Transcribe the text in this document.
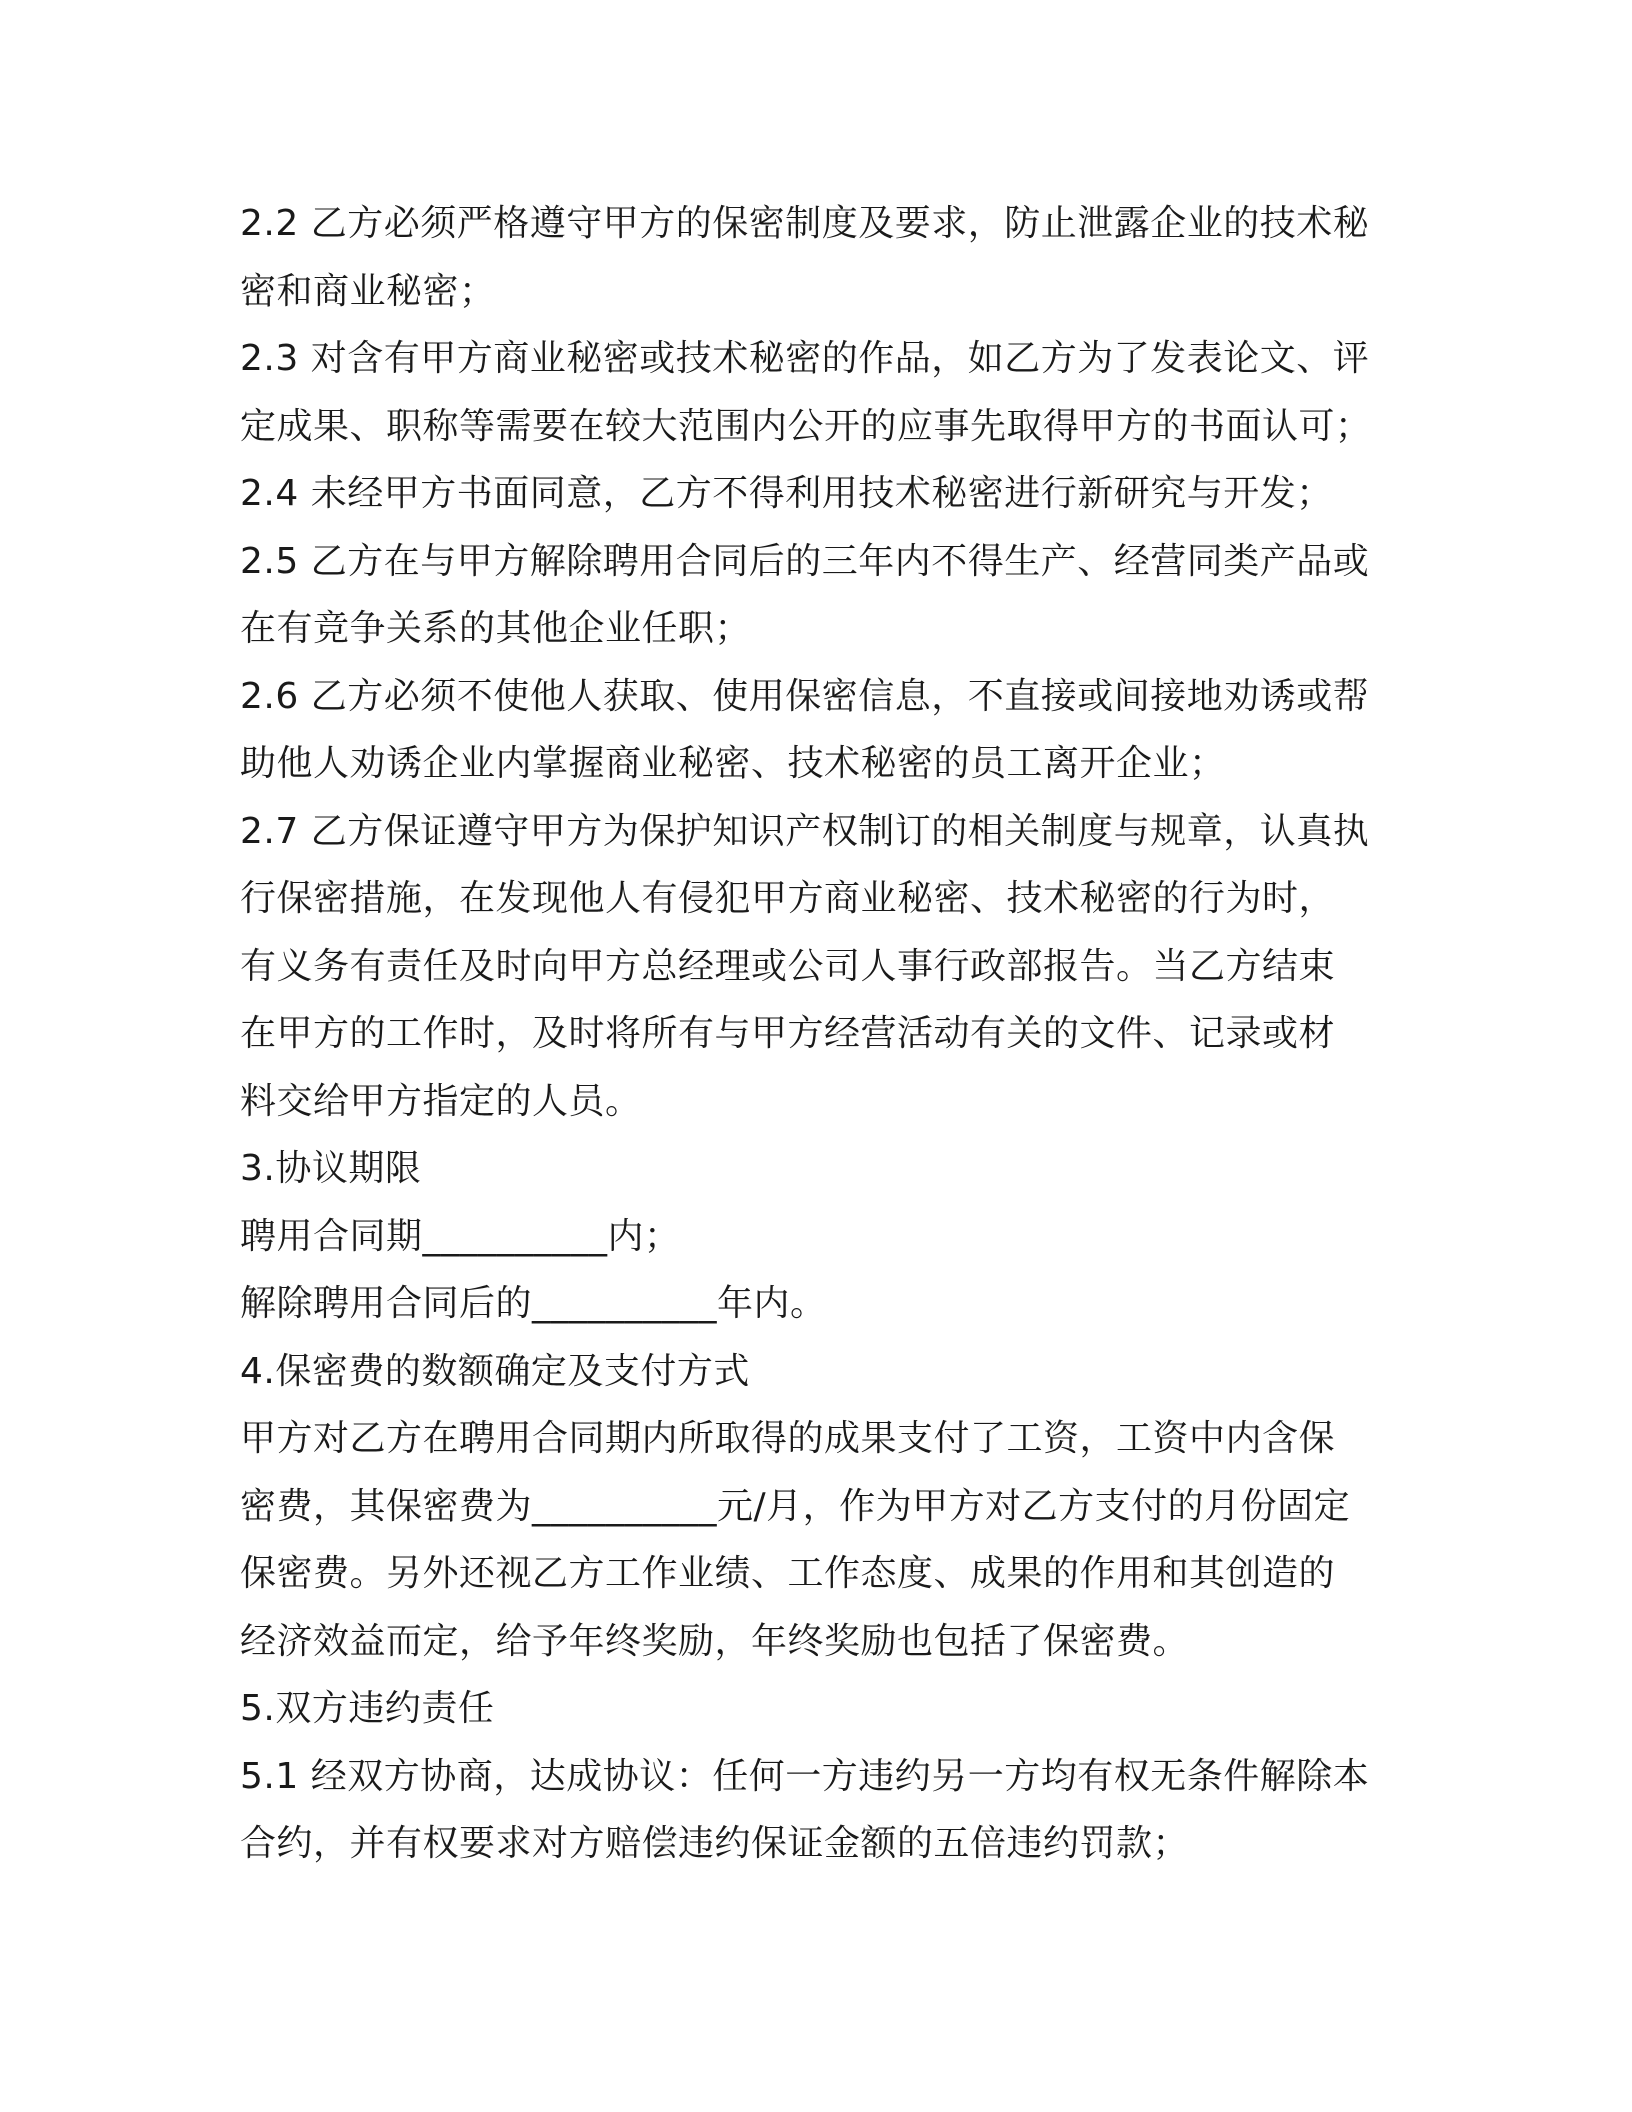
2.2 乙方必须严格遵守甲方的保密制度及要求，防止泄露企业的技术秘
密和商业秘密；
2.3 对含有甲方商业秘密或技术秘密的作品，如乙方为了发表论文、评
定成果、职称等需要在较大范围内公开的应事先取得甲方的书面认可；
2.4 未经甲方书面同意，乙方不得利用技术秘密进行新研究与开发；
2.5 乙方在与甲方解除聘用合同后的三年内不得生产、经营同类产品或
在有竞争关系的其他企业任职；
2.6 乙方必须不使他人获取、使用保密信息，不直接或间接地劝诱或帮
助他人劝诱企业内掌握商业秘密、技术秘密的员工离开企业；
2.7 乙方保证遵守甲方为保护知识产权制订的相关制度与规章，认真执
行保密措施，在发现他人有侵犯甲方商业秘密、技术秘密的行为时，
有义务有责任及时向甲方总经理或公司人事行政部报告。当乙方结束
在甲方的工作时，及时将所有与甲方经营活动有关的文件、记录或材
料交给甲方指定的人员。
3.协议期限
聘用合同期__________内；
解除聘用合同后的__________年内。
4.保密费的数额确定及支付方式
甲方对乙方在聘用合同期内所取得的成果支付了工资，工资中内含保
密费，其保密费为__________元/月，作为甲方对乙方支付的月份固定
保密费。另外还视乙方工作业绩、工作态度、成果的作用和其创造的
经济效益而定，给予年终奖励，年终奖励也包括了保密费。
5.双方违约责任
5.1 经双方协商，达成协议：任何一方违约另一方均有权无条件解除本
合约，并有权要求对方赔偿违约保证金额的五倍违约罚款；
